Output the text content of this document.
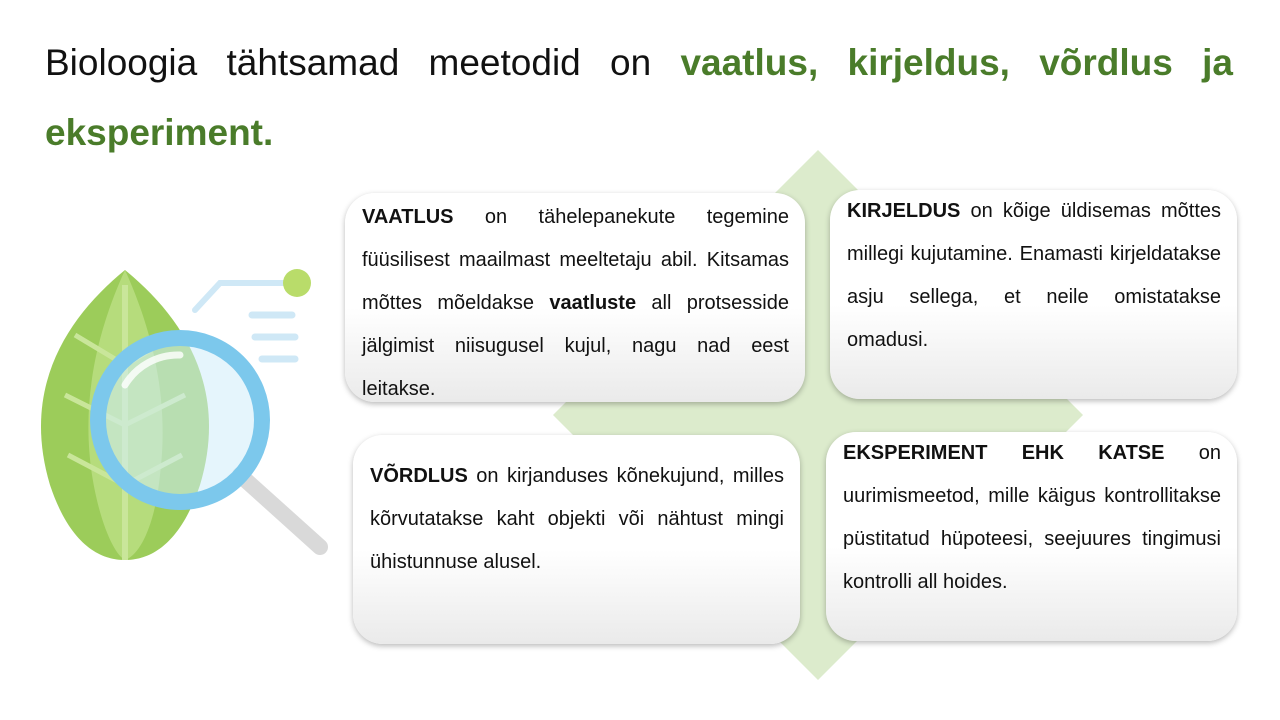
Bioloogia tähtsamad meetodid on vaatlus, kirjeldus, võrdlus ja eksperiment.
VAATLUS on tähelepanekute tegemine füüsilisest maailmast meeltetaju abil. Kitsamas mõttes mõeldakse vaatluste all protsesside jälgimist niisugusel kujul, nagu nad eest leitakse.
KIRJELDUS on kõige üldisemas mõttes millegi kujutamine. Enamasti kirjeldatakse asju sellega, et neile omistatakse omadusi.
VÕRDLUS on kirjanduses kõnekujund, milles kõrvutatakse kaht objekti või nähtust mingi ühistunnuse alusel.
EKSPERIMENT EHK KATSE on uurimismeetod, mille käigus kontrollitakse püstitatud hüpoteesi, seejuures tingimusi kontrolli all hoides.
